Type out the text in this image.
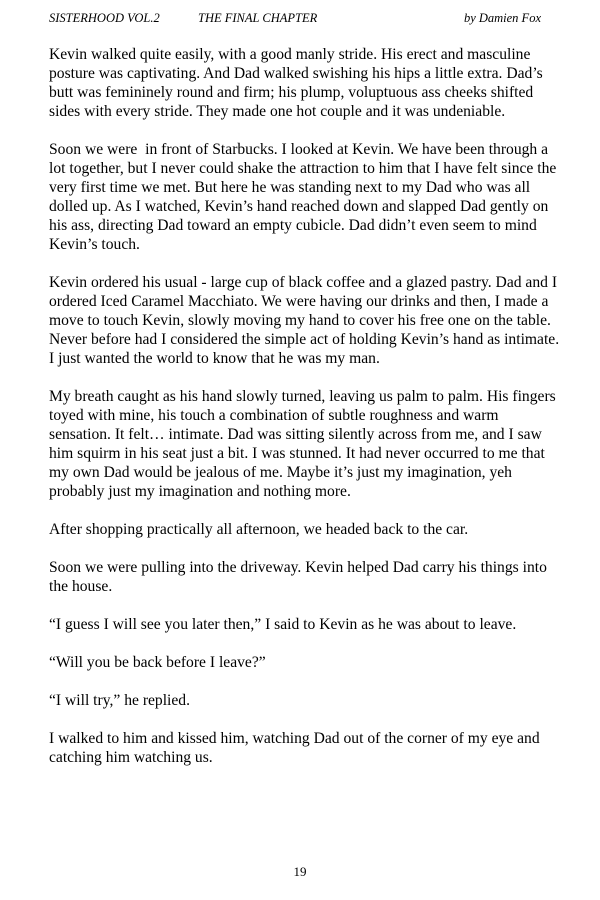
SISTERHOOD VOL.2	THE FINAL CHAPTER	by Damien Fox

Kevin walked quite easily, with a good manly stride. His erect and masculine posture was captivating. And Dad walked swishing his hips a little extra. Dad’s butt was femininely round and firm; his plump, voluptuous ass cheeks shifted sides with every stride. They made one hot couple and it was undeniable.

Soon we were  in front of Starbucks. I looked at Kevin. We have been through a lot together, but I never could shake the attraction to him that I have felt since the very first time we met. But here he was standing next to my Dad who was all dolled up. As I watched, Kevin’s hand reached down and slapped Dad gently on his ass, directing Dad toward an empty cubicle. Dad didn’t even seem to mind Kevin’s touch.

Kevin ordered his usual - large cup of black coffee and a glazed pastry. Dad and I ordered Iced Caramel Macchiato. We were having our drinks and then, I made a move to touch Kevin, slowly moving my hand to cover his free one on the table. Never before had I considered the simple act of holding Kevin’s hand as intimate. I just wanted the world to know that he was my man.

My breath caught as his hand slowly turned, leaving us palm to palm. His fingers toyed with mine, his touch a combination of subtle roughness and warm sensation. It felt… intimate. Dad was sitting silently across from me, and I saw him squirm in his seat just a bit. I was stunned. It had never occurred to me that my own Dad would be jealous of me. Maybe it’s just my imagination, yeh probably just my imagination and nothing more.

After shopping practically all afternoon, we headed back to the car.

Soon we were pulling into the driveway. Kevin helped Dad carry his things into the house.

“I guess I will see you later then,” I said to Kevin as he was about to leave.

“Will you be back before I leave?”

“I will try,” he replied.

I walked to him and kissed him, watching Dad out of the corner of my eye and catching him watching us.

19
